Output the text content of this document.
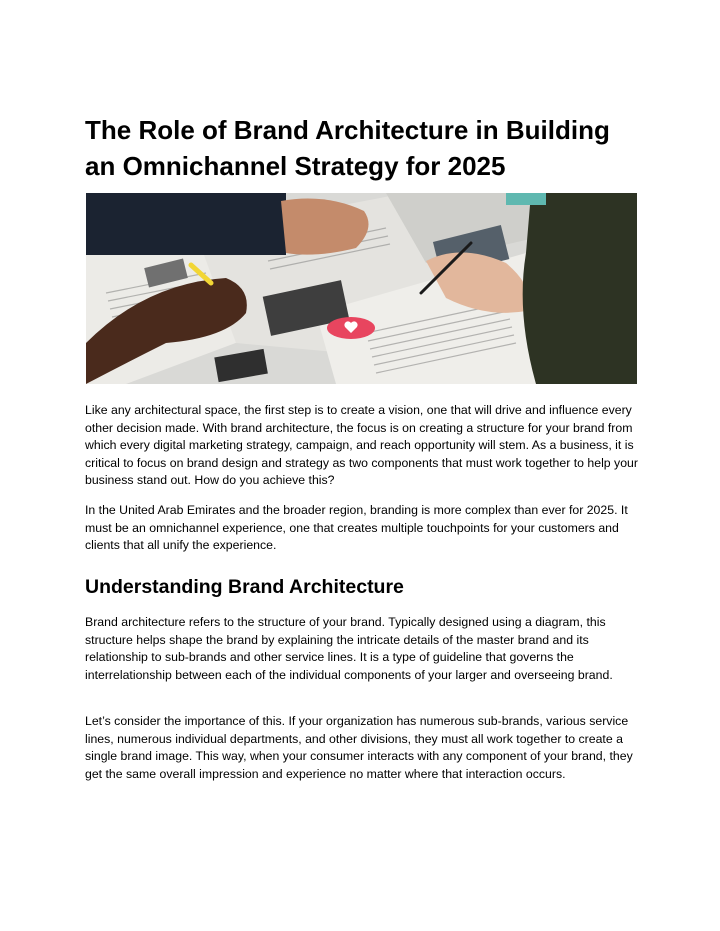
The Role of Brand Architecture in Building an Omnichannel Strategy for 2025

Like any architectural space, the first step is to create a vision, one that will drive and influence every other decision made. With brand architecture, the focus is on creating a structure for your brand from which every digital marketing strategy, campaign, and reach opportunity will stem. As a business, it is critical to focus on brand design and strategy as two components that must work together to help your business stand out. How do you achieve this?

In the United Arab Emirates and the broader region, branding is more complex than ever for 2025. It must be an omnichannel experience, one that creates multiple touchpoints for your customers and clients that all unify the experience.

Understanding Brand Architecture

Brand architecture refers to the structure of your brand. Typically designed using a diagram, this structure helps shape the brand by explaining the intricate details of the master brand and its relationship to sub-brands and other service lines. It is a type of guideline that governs the interrelationship between each of the individual components of your larger and overseeing brand.

Let’s consider the importance of this. If your organization has numerous sub-brands, various service lines, numerous individual departments, and other divisions, they must all work together to create a single brand image. This way, when your consumer interacts with any component of your brand, they get the same overall impression and experience no matter where that interaction occurs.
